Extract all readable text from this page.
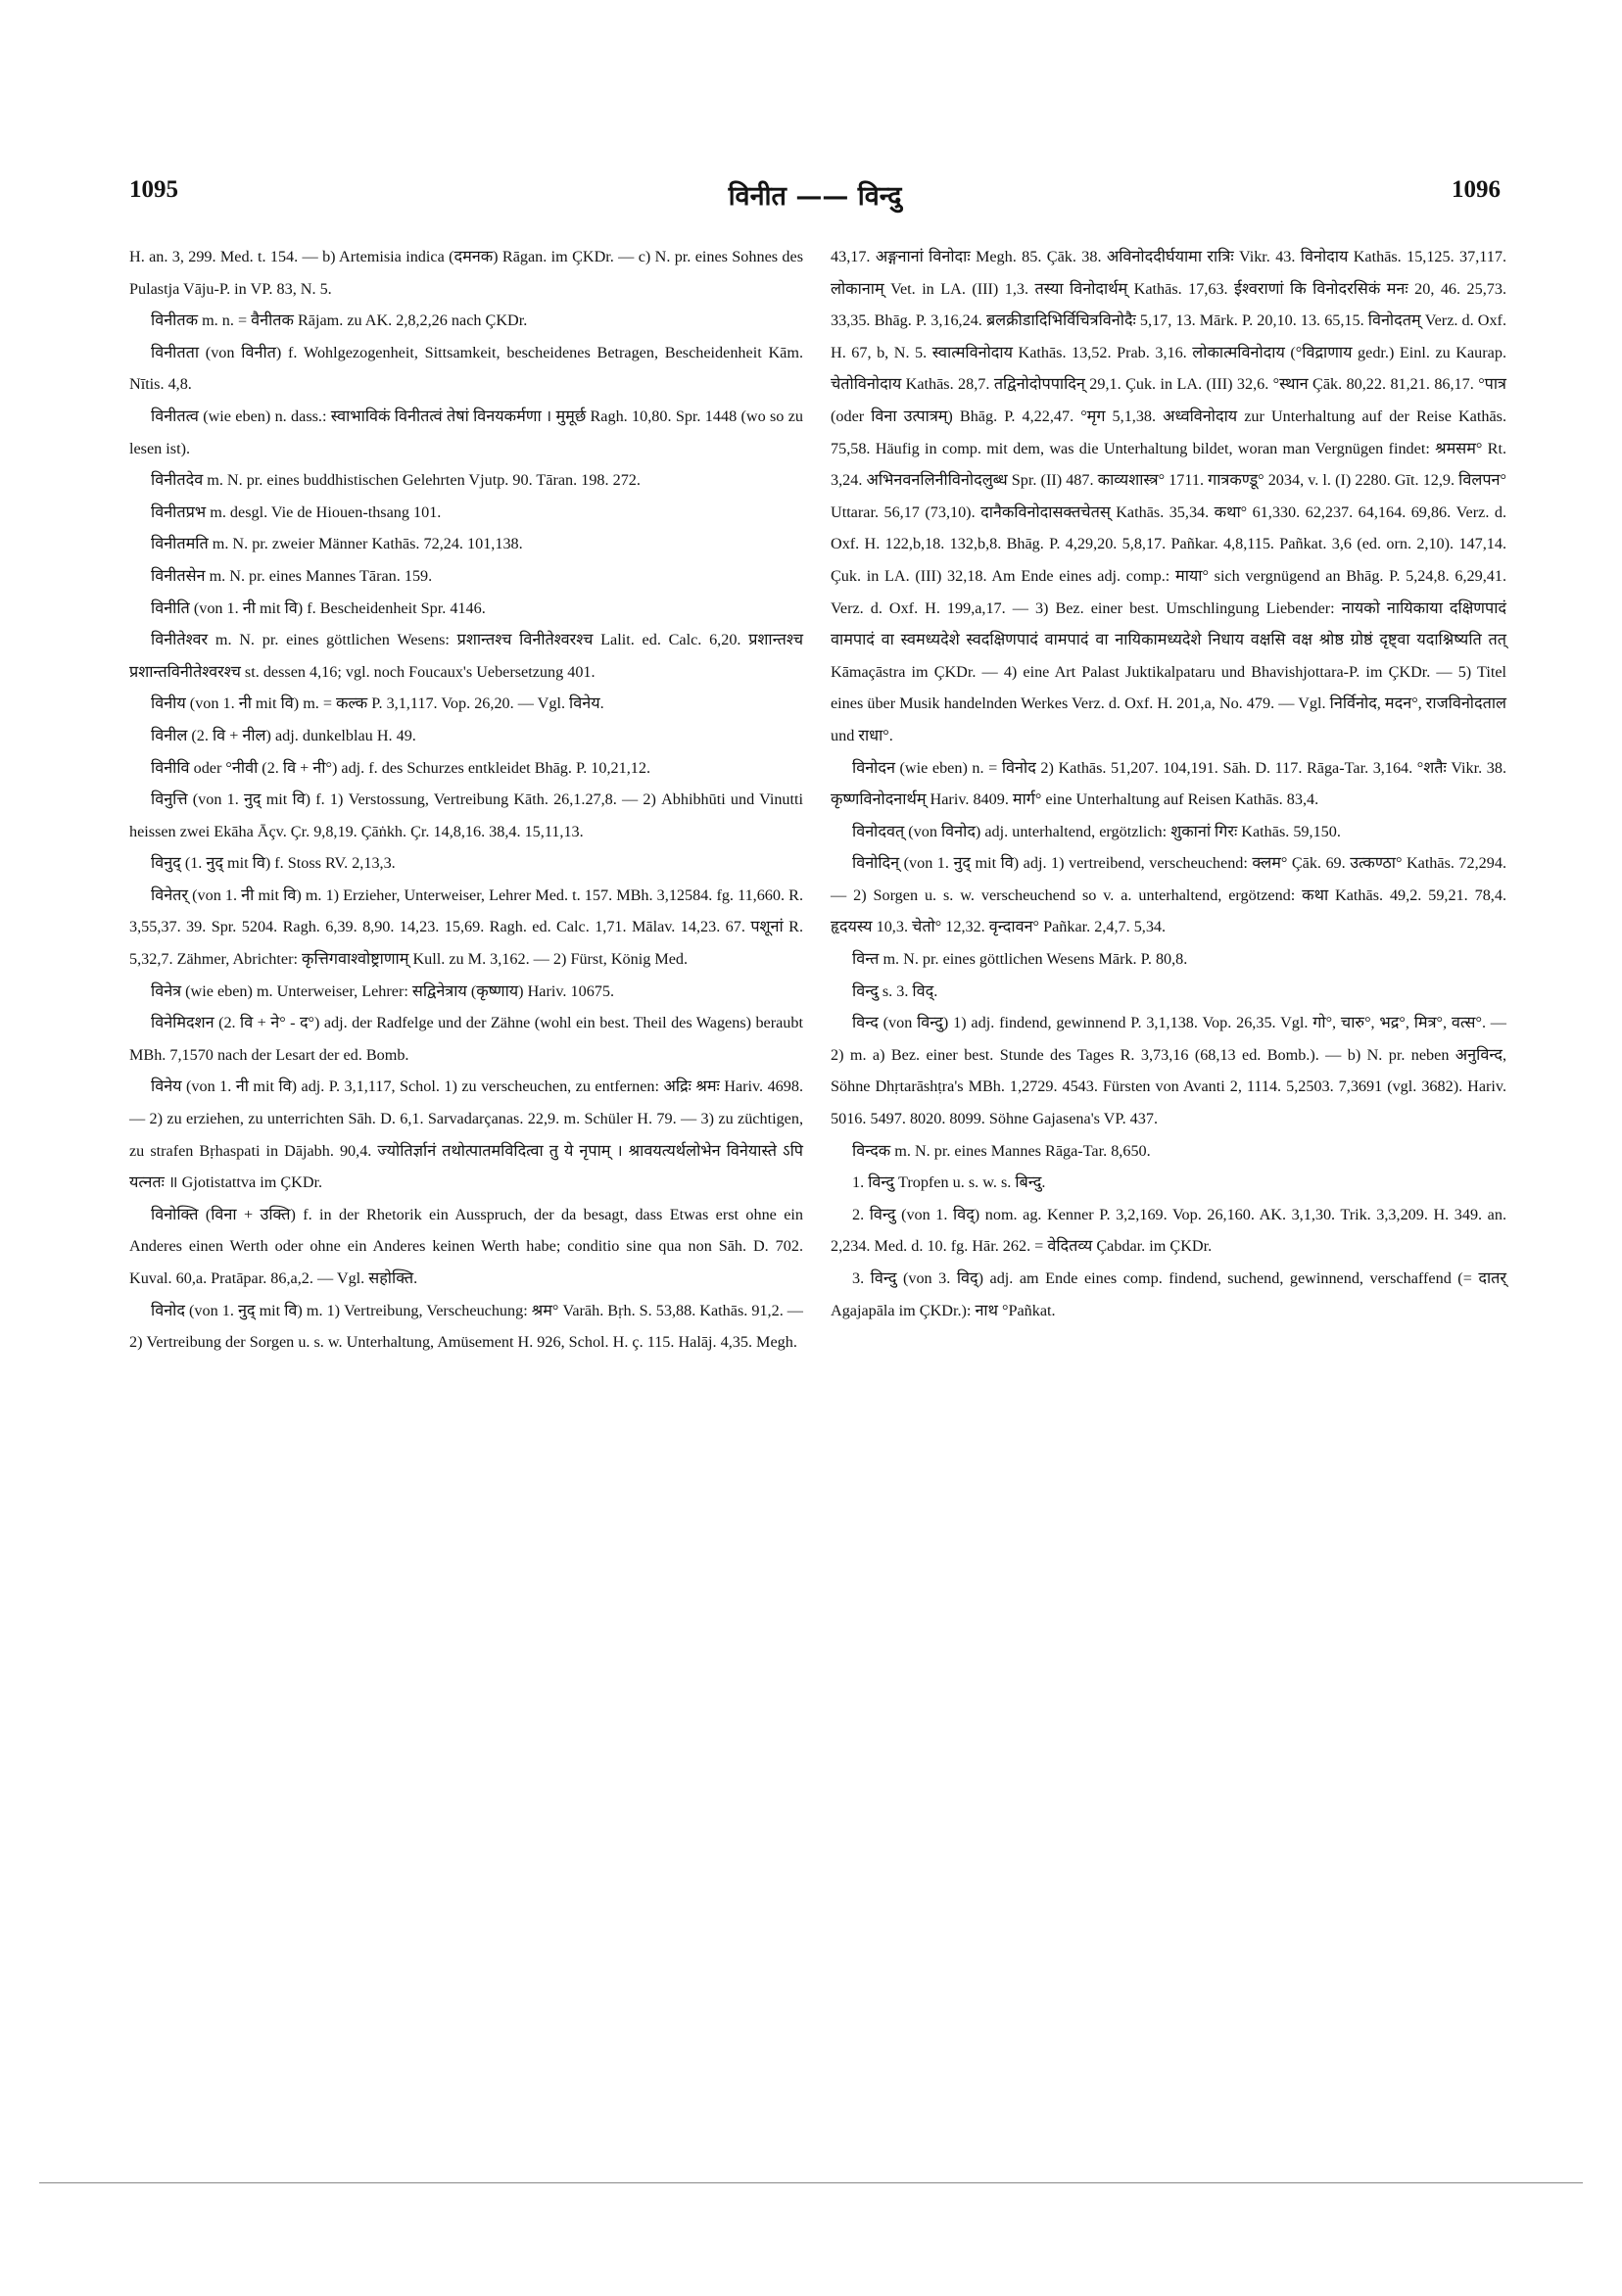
1095	विनीत —— विन्दु	1096

H. an. 3, 299. Med. t. 154. — b) Artemisia indica (दमनक) Rāgan. im ÇKDr. — c) N. pr. eines Sohnes des Pulastja Vāju-P. in VP. 83, N. 5.

विनीतक m. n. = वैनीतक Rājam. zu AK. 2,8,2,26 nach ÇKDr.

विनीतता (von विनीत) f. Wohlgezogenheit, Sittsamkeit, bescheidenes Betragen, Bescheidenheit Kām. Nītis. 4,8.

विनीतत्व (wie eben) n. dass.: स्वाभाविकं विनीतत्वं तेषां विनयकर्मणा । मुमूर्छ Ragh. 10,80. Spr. 1448 (wo so zu lesen ist).

विनीतदेव m. N. pr. eines buddhistischen Gelehrten Vjutp. 90. Tāran. 198. 272.

विनीतप्रभ m. desgl. Vie de Hiouen-thsang 101.

विनीतमति m. N. pr. zweier Männer Kathās. 72,24. 101,138.

विनीतसेन m. N. pr. eines Mannes Tāran. 159.

विनीति (von 1. नी mit वि) f. Bescheidenheit Spr. 4146.

विनीतेश्वर m. N. pr. eines göttlichen Wesens: प्रशान्तश्च विनीतेश्वरश्च Lalit. ed. Calc. 6,20. प्रशान्तश्च प्रशान्तविनीतेश्वरश्च st. dessen 4,16; vgl. noch Foucaux's Uebersetzung 401.

विनीय (von 1. नी mit वि) m. = कल्क P. 3,1,117. Vop. 26,20. — Vgl. विनेय.

विनील (2. वि + नील) adj. dunkelblau H. 49.

विनीवि oder °नीवी (2. वि + नी°) adj. f. des Schurzes entkleidet Bhāg. P. 10,21,12.

विनुत्ति (von 1. नुद् mit वि) f. 1) Verstossung, Vertreibung Kāth. 26,1.27,8. — 2) Abhibhūti und Vinutti heissen zwei Ekāha Āçv. Çr. 9,8,19. Çāṅkh. Çr. 14,8,16. 38,4. 15,11,13.

विनुद् (1. नुद् mit वि) f. Stoss RV. 2,13,3.

विनेतर् (von 1. नी mit वि) m. 1) Erzieher, Unterweiser, Lehrer Med. t. 157. MBh. 3,12584. fg. 11,660. R. 3,55,37. 39. Spr. 5204. Ragh. 6,39. 8,90. 14,23. 15,69. Ragh. ed. Calc. 1,71. Mālav. 14,23. 67. पशूनां R. 5,32,7. Zähmer, Abrichter: कृत्तिगवाश्वोष्ट्राणाम् Kull. zu M. 3,162. — 2) Fürst, König Med.

विनेत्र (wie eben) m. Unterweiser, Lehrer: सद्विनेत्राय (कृष्णाय) Hariv. 10675.

विनेमिदशन (2. वि + ने° - द°) adj. der Radfelge und der Zähne (wohl ein best. Theil des Wagens) beraubt MBh. 7,1570 nach der Lesart der ed. Bomb.

विनेय (von 1. नी mit वि) adj. P. 3,1,117, Schol. 1) zu verscheuchen, zu entfernen: अद्रिः श्रमः Hariv. 4698. — 2) zu erziehen, zu unterrichten Sāh. D. 6,1. Sarvadarçanas. 22,9. m. Schüler H. 79. — 3) zu züchtigen, zu strafen Bṛhaspati in Dājabh. 90,4. ज्योतिर्ज्ञानं तथोत्पातमविदित्वा तु ये नृपाम् । श्रावयत्यर्थलोभेन विनेयास्ते ऽपि यत्नतः ॥ Gjotistattva im ÇKDr.

विनोक्ति (विना + उक्ति) f. in der Rhetorik ein Ausspruch, der da besagt, dass Etwas erst ohne ein Anderes einen Werth oder ohne ein Anderes keinen Werth habe; conditio sine qua non Sāh. D. 702. Kuval. 60,a. Pratāpar. 86,a,2. — Vgl. सहोक्ति.

विनोद (von 1. नुद् mit वि) m. 1) Vertreibung, Verscheuchung: श्रम° Varāh. Bṛh. S. 53,88. Kathās. 91,2. — 2) Vertreibung der Sorgen u. s. w. Unterhaltung, Amüsement H. 926, Schol. H. ç. 115. Halāj. 4,35. Megh.

43,17. अङ्गनानां विनोदाः Megh. 85. Çāk. 38. अविनोददीर्घयामा रात्रिः Vikr. 43. विनोदाय Kathās. 15,125. 37,117. लोकानाम् Vet. in LA. (III) 1,3. तस्या विनोदार्थम् Kathās. 17,63. ईश्वराणां कि विनोदरसिकं मनः 20, 46. 25,73. 33,35. Bhāg. P. 3,16,24. ब्रलक्रीडादिभिर्विचित्रविनोदैः 5,17, 13. Mārk. P. 20,10. 13. 65,15. विनोदतम् Verz. d. Oxf. H. 67, b, N. 5. स्वात्मविनोदाय Kathās. 13,52. Prab. 3,16. लोकात्मविनोदाय (°विद्राणाय gedr.) Einl. zu Kaurap. चेतोविनोदाय Kathās. 28,7. तद्विनोदोपपादिन् 29,1. Çuk. in LA. (III) 32,6. °स्थान Çāk. 80,22. 81,21. 86,17. °पात्र (oder विना उत्पात्रम्) Bhāg. P. 4,22,47. °मृग 5,1,38. अध्वविनोदाय zur Unterhaltung auf der Reise Kathās. 75,58. Häufig in comp. mit dem, was die Unterhaltung bildet, woran man Vergnügen findet: श्रमसम° Rt. 3,24. अभिनवनलिनीविनोदलुब्ध Spr. (II) 487. काव्यशास्त्र° 1711. गात्रकण्डू° 2034, v. l. (I) 2280. Gīt. 12,9. विलपन° Uttarar. 56,17 (73,10). दानैकविनोदासक्तचेतस् Kathās. 35,34. कथा° 61,330. 62,237. 64,164. 69,86. Verz. d. Oxf. H. 122,b,18. 132,b,8. Bhāg. P. 4,29,20. 5,8,17. Pañkar. 4,8,115. Pañkat. 3,6 (ed. orn. 2,10). 147,14. Çuk. in LA. (III) 32,18. Am Ende eines adj. comp.: माया° sich vergnügend an Bhāg. P. 5,24,8. 6,29,41. Verz. d. Oxf. H. 199,a,17. — 3) Bez. einer best. Umschlingung Liebender: नायको नायिकाया दक्षिणपादं वामपादं वा स्वमध्यदेशे स्वदक्षिणपादं वामपादं वा नायिकामध्यदेशे निधाय वक्षसि वक्ष श्रोष्ठ ग्रोष्ठं दृष्ट्वा यदाश्निष्यति तत् Kāmaçāstra im ÇKDr. — 4) eine Art Palast Juktikalpataru und Bhavishjottara-P. im ÇKDr. — 5) Titel eines über Musik handelnden Werkes Verz. d. Oxf. H. 201,a, No. 479. — Vgl. निर्विनोद, मदन°, राजविनोदताल und राधा°.

विनोदन (wie eben) n. = विनोद 2) Kathās. 51,207. 104,191. Sāh. D. 117. Rāga-Tar. 3,164. °शतैः Vikr. 38. कृष्णविनोदनार्थम् Hariv. 8409. मार्ग° eine Unterhaltung auf Reisen Kathās. 83,4.

विनोदवत् (von विनोद) adj. unterhaltend, ergötzlich: शुकानां गिरः Kathās. 59,150.

विनोदिन् (von 1. नुद् mit वि) adj. 1) vertreibend, verscheuchend: क्लम° Çāk. 69. उत्कण्ठा° Kathās. 72,294. — 2) Sorgen u. s. w. verscheuchend so v. a. unterhaltend, ergötzend: कथा Kathās. 49,2. 59,21. 78,4. हृदयस्य 10,3. चेतो° 12,32. वृन्दावन° Pañkar. 2,4,7. 5,34.

विन्त m. N. pr. eines göttlichen Wesens Mārk. P. 80,8.

विन्दु s. 3. विद्.

विन्द (von विन्दु) 1) adj. findend, gewinnend P. 3,1,138. Vop. 26,35. Vgl. गो°, चारु°, भद्र°, मित्र°, वत्स°. — 2) m. a) Bez. einer best. Stunde des Tages R. 3,73,16 (68,13 ed. Bomb.). — b) N. pr. neben अनुविन्द, Söhne Dhṛtarāshṭra's MBh. 1,2729. 4543. Fürsten von Avanti 2, 1114. 5,2503. 7,3691 (vgl. 3682). Hariv. 5016. 5497. 8020. 8099. Söhne Gajasena's VP. 437.

विन्दक m. N. pr. eines Mannes Rāga-Tar. 8,650.

1. विन्दु Tropfen u. s. w. s. बिन्दु.

2. विन्दु (von 1. विद्) nom. ag. Kenner P. 3,2,169. Vop. 26,160. AK. 3,1,30. Trik. 3,3,209. H. 349. an. 2,234. Med. d. 10. fg. Hār. 262. = वेदितव्य Çabdar. im ÇKDr.

3. विन्दु (von 3. विद्) adj. am Ende eines comp. findend, suchend, gewinnend, verschaffend (= दातर् Agajapāla im ÇKDr.): नाथ °Pañkat.
